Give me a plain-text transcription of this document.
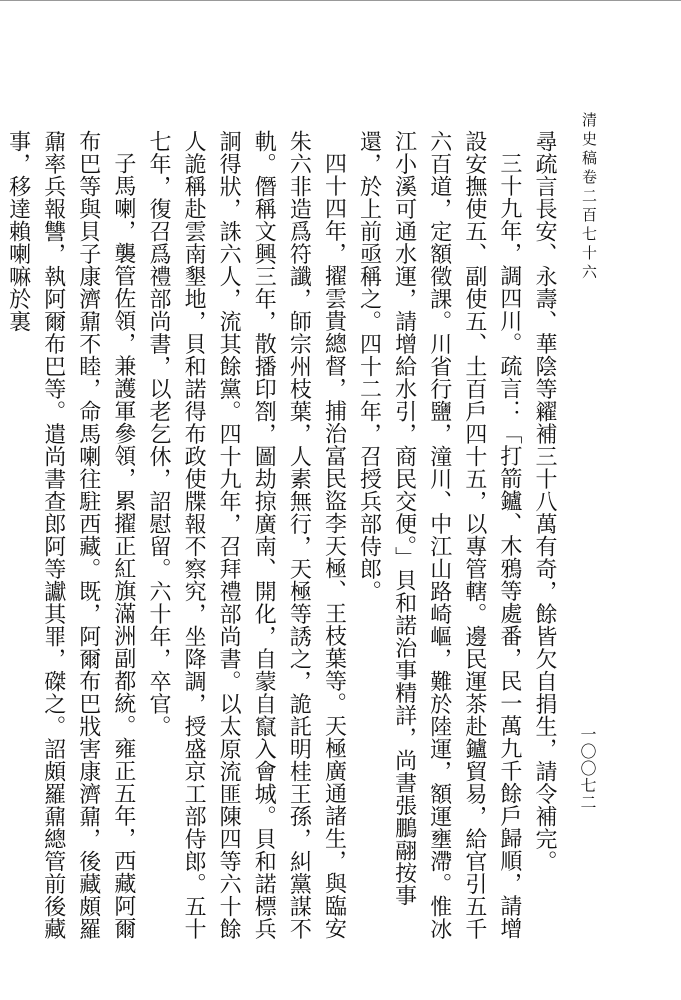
清史稿卷二百七十六
一〇〇七二

尋疏言長安、永壽、華陰等糴補三十八萬有奇，餘皆欠自捐生，請令補完。

三十九年，調四川。疏言：「打箭鑪、木鴉等處番，民一萬九千餘戶歸順，請增設安撫使五、副使五、土百戶四十五，以專管轄。邊民運茶赴鑪貿易，給官引五千六百道，定額徵課。川省行鹽，潼川、中江山路崎嶇，難於陸運，額運壅滯。惟冰江小溪可通水運，請增給水引，商民交便。」貝和諾治事精詳，尚書張鵬翮按事還，於上前亟稱之。四十二年，召授兵部侍郎。

四十四年，擢雲貴總督，捕治富民盜李天極、王枝葉等。天極廣通諸生，與臨安朱六非造爲符讖，師宗州枝葉，人素無行，天極等誘之，詭託明桂王孫，糾黨謀不軌。僭稱文興三年，散播印劄，圖劫掠廣南、開化，自蒙自竄入會城。貝和諾標兵詗得狀，誅六人，流其餘黨。四十九年，召拜禮部尚書。以太原流匪陳四等六十餘人詭稱赴雲南墾地，貝和諾得布政使牒報不察究，坐降調，授盛京工部侍郎。五十七年，復召爲禮部尚書，以老乞休，詔慰留。六十年，卒官。

子馬喇，襲管佐領，兼護軍參領，累擢正紅旗滿洲副都統。雍正五年，西藏阿爾布巴等與貝子康濟鼐不睦，命馬喇往駐西藏。既，阿爾布巴戕害康濟鼐，後藏頗羅鼐率兵報讐，執阿爾布巴等。遣尚書查郎阿等讞其罪，磔之。詔頗羅鼐總管前後藏事，移達賴喇嘛於裏
